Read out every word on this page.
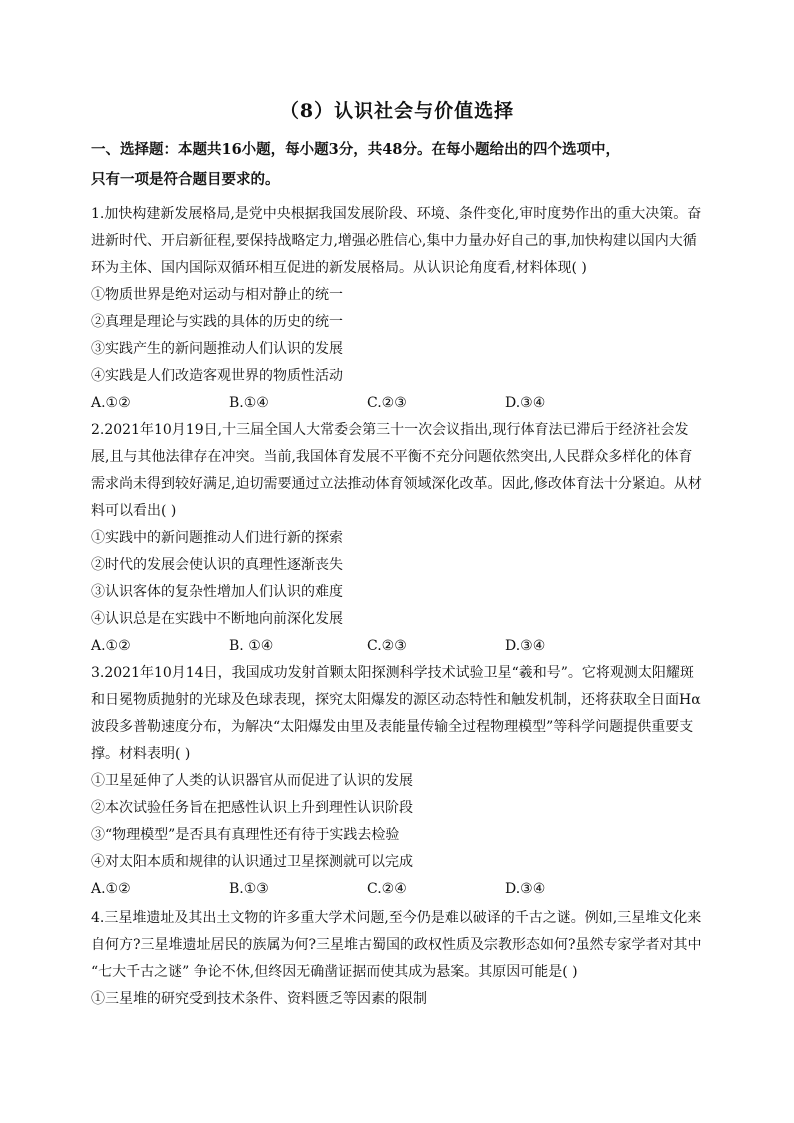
（8）认识社会与价值选择
一、选择题：本题共16小题，每小题3分，共48分。在每小题给出的四个选项中，
只有一项是符合题目要求的。

1.加快构建新发展格局,是党中央根据我国发展阶段、环境、条件变化,审时度势作出的重大决策。奋进新时代、开启新征程,要保持战略定力,增强必胜信心,集中力量办好自己的事,加快构建以国内大循环为主体、国内国际双循环相互促进的新发展格局。从认识论角度看,材料体现( )

①物质世界是绝对运动与相对静止的统一
②真理是理论与实践的具体的历史的统一
③实践产生的新问题推动人们认识的发展
④实践是人们改造客观世界的物质性活动
A.①②	B.①④	C.②③	D.③④

2.2021年10月19日,十三届全国人大常委会第三十一次会议指出,现行体育法已滞后于经济社会发展,且与其他法律存在冲突。当前,我国体育发展不平衡不充分问题依然突出,人民群众多样化的体育需求尚未得到较好满足,迫切需要通过立法推动体育领域深化改革。因此,修改体育法十分紧迫。从材料可以看出( )

①实践中的新问题推动人们进行新的探索
②时代的发展会使认识的真理性逐渐丧失
③认识客体的复杂性增加人们认识的难度
④认识总是在实践中不断地向前深化发展
A.①②	B. ①④	C.②③	D.③④

3.2021年10月14日，我国成功发射首颗太阳探测科学技术试验卫星“羲和号”。它将观测太阳耀斑和日冕物质抛射的光球及色球表现，探究太阳爆发的源区动态特性和触发机制，还将获取全日面Hα波段多普勒速度分布，为解决“太阳爆发由里及表能量传输全过程物理模型”等科学问题提供重要支撑。材料表明( )

①卫星延伸了人类的认识器官从而促进了认识的发展
②本次试验任务旨在把感性认识上升到理性认识阶段
③“物理模型”是否具有真理性还有待于实践去检验
④对太阳本质和规律的认识通过卫星探测就可以完成
A.①②	B.①③	C.②④	D.③④

4.三星堆遗址及其出土文物的许多重大学术问题,至今仍是难以破译的千古之谜。例如,三星堆文化来自何方?三星堆遗址居民的族属为何?三星堆古蜀国的政权性质及宗教形态如何?虽然专家学者对其中 “七大千古之谜” 争论不休,但终因无确凿证据而使其成为悬案。其原因可能是( )

①三星堆的研究受到技术条件、资料匮乏等因素的限制
